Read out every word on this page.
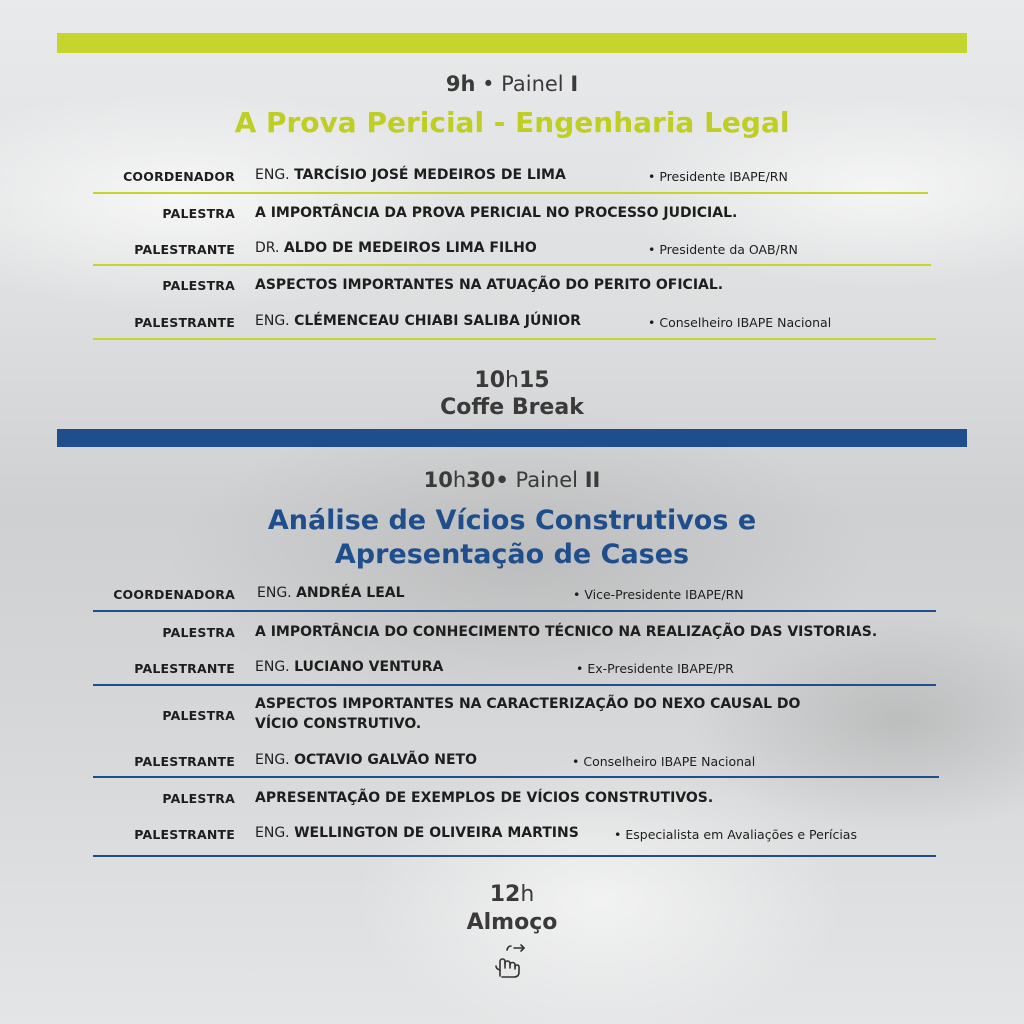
9h • Painel I
A Prova Pericial - Engenharia Legal
COORDENADOR ENG. TARCÍSIO JOSÉ MEDEIROS DE LIMA	• Presidente IBAPE/RN
PALESTRA A IMPORTÂNCIA DA PROVA PERICIAL NO PROCESSO JUDICIAL.
PALESTRANTE DR. ALDO DE MEDEIROS LIMA FILHO	• Presidente da OAB/RN
PALESTRA ASPECTOS IMPORTANTES NA ATUAÇÃO DO PERITO OFICIAL.
PALESTRANTE ENG. CLÉMENCEAU CHIABI SALIBA JÚNIOR	• Conselheiro IBAPE Nacional
10h15
Coffe Break
10h30• Painel II
Análise de Vícios Construtivos e
Apresentação de Cases
COORDENADORA ENG. ANDRÉA LEAL	• Vice-Presidente IBAPE/RN
PALESTRA A IMPORTÂNCIA DO CONHECIMENTO TÉCNICO NA REALIZAÇÃO DAS VISTORIAS.
PALESTRANTE ENG. LUCIANO VENTURA	• Ex-Presidente IBAPE/PR
PALESTRA
ASPECTOS IMPORTANTES NA CARACTERIZAÇÃO DO NEXO CAUSAL DO
VÍCIO CONSTRUTIVO.
PALESTRANTE ENG. OCTAVIO GALVÃO NETO	• Conselheiro IBAPE Nacional
PALESTRA APRESENTAÇÃO DE EXEMPLOS DE VÍCIOS CONSTRUTIVOS.
PALESTRANTE ENG. WELLINGTON DE OLIVEIRA MARTINS	• Especialista em Avaliações e Perícias
12h
Almoço
